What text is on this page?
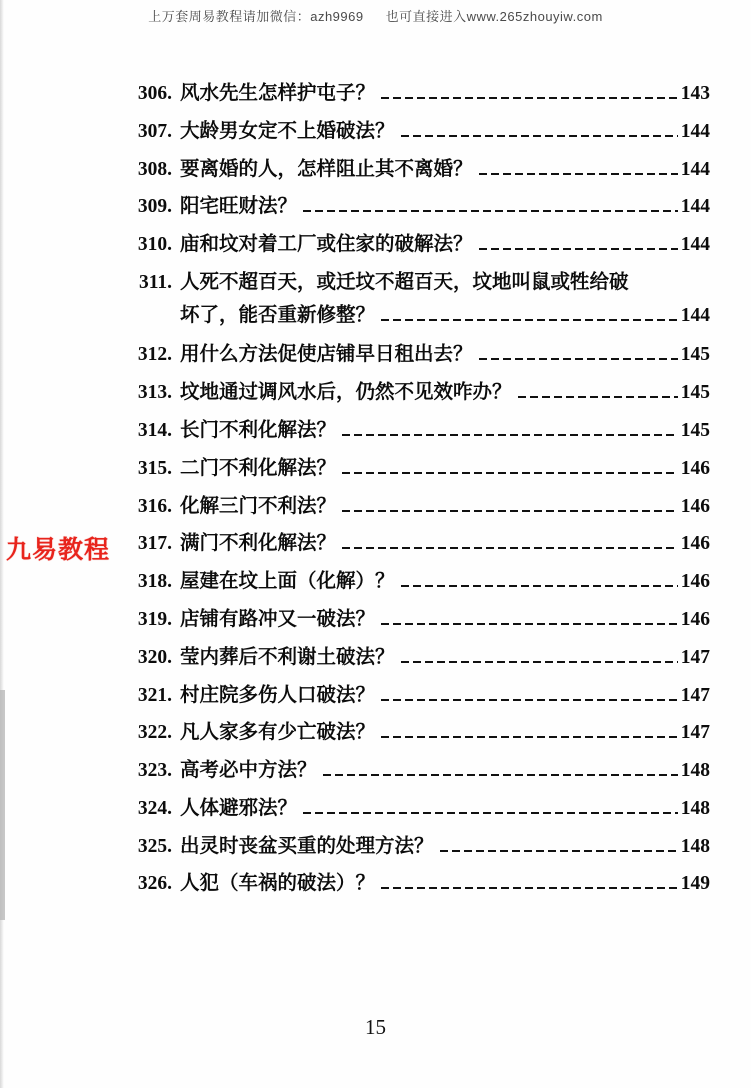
上万套周易教程请加微信：azh9969 也可直接进入www.265zhouyiw.com
九易教程
306. 风水先生怎样护屯子？	143
307. 大龄男女定不上婚破法？	144
308. 要离婚的人，怎样阻止其不离婚？	144
309. 阳宅旺财法？	144
310. 庙和坟对着工厂或住家的破解法？	144
311. 人死不超百天，或迁坟不超百天，坟地叫鼠或牲给破
坏了，能否重新修整？	144
312. 用什么方法促使店铺早日租出去？	145
313. 坟地通过调风水后，仍然不见效咋办？	145
314. 长门不利化解法？	145
315. 二门不利化解法？	146
316. 化解三门不利法？	146
317. 满门不利化解法？	146
318. 屋建在坟上面（化解）？	146
319. 店铺有路冲又一破法？	146
320. 莹内葬后不利谢土破法？	147
321. 村庄院多伤人口破法？	147
322. 凡人家多有少亡破法？	147
323. 高考必中方法？	148
324. 人体避邪法？	148
325. 出灵时丧盆买重的处理方法？	148
326. 人犯（车祸的破法）？	149
15
